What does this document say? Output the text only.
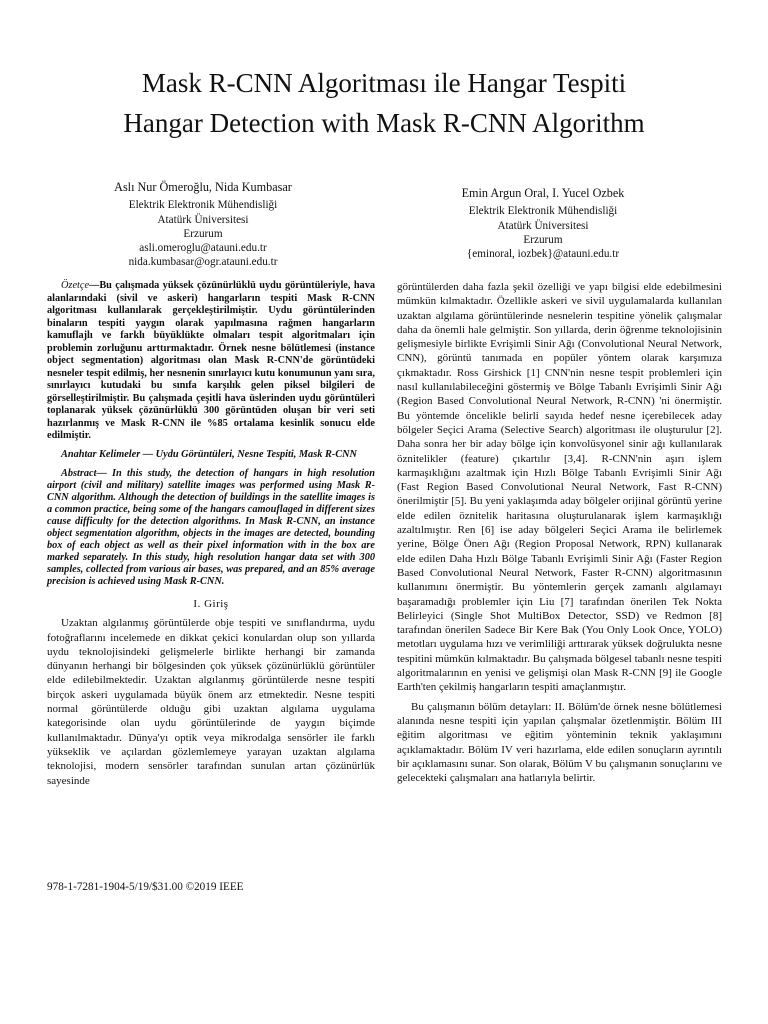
Mask R-CNN Algoritması ile Hangar Tespiti
Hangar Detection with Mask R-CNN Algorithm
Aslı Nur Ömeroğlu, Nida Kumbasar
Elektrik Elektronik Mühendisliği
Atatürk Üniversitesi
Erzurum
asli.omeroglu@atauni.edu.tr
nida.kumbasar@ogr.atauni.edu.tr
Emin Argun Oral, I. Yucel Ozbek
Elektrik Elektronik Mühendisliği
Atatürk Üniversitesi
Erzurum
{eminoral, iozbek}@atauni.edu.tr

Özetçe—Bu çalışmada yüksek çözünürlüklü uydu görüntüleriyle, hava alanlarındaki (sivil ve askeri) hangarların tespiti Mask R-CNN algoritması kullanılarak gerçekleştirilmiştir. Uydu görüntülerinden binaların tespiti yaygın olarak yapılmasına rağmen hangarların kamuflajlı ve farklı büyüklükte olmaları tespit algoritmaları için problemin zorluğunu arttırmaktadır. Örnek nesne bölütlemesi (instance object segmentation) algoritması olan Mask R-CNN'de görüntüdeki nesneler tespit edilmiş, her nesnenin sınırlayıcı kutu konumunun yanı sıra, sınırlayıcı kutudaki bu sınıfa karşılık gelen piksel bilgileri de görselleştirilmiştir. Bu çalışmada çeşitli hava üslerinden uydu görüntüleri toplanarak yüksek çözünürlüklü 300 görüntüden oluşan bir veri seti hazırlanmış ve Mask R-CNN ile %85 ortalama kesinlik sonucu elde edilmiştir.

Anahtar Kelimeler — Uydu Görüntüleri, Nesne Tespiti, Mask R-CNN

Abstract— In this study, the detection of hangars in high resolution airport (civil and military) satellite images was performed using Mask R-CNN algorithm. Although the detection of buildings in the satellite images is a common practice, being some of the hangars camouflaged in different sizes cause difficulty for the detection algorithms. In Mask R-CNN, an instance object segmentation algorithm, objects in the images are detected, bounding box of each object as well as their pixel information with in the box are marked separately. In this study, high resolution hangar data set with 300 samples, collected from various air bases, was prepared, and an 85% average precision is achieved using Mask R-CNN.

I. Giriş

Uzaktan algılanmış görüntülerde obje tespiti ve sınıflandırma, uydu fotoğraflarını incelemede en dikkat çekici konulardan olup son yıllarda uydu teknolojisindeki gelişmelerle birlikte herhangi bir zamanda dünyanın herhangi bir bölgesinden çok yüksek çözünürlüklü görüntüler elde edilebilmektedir. Uzaktan algılanmış görüntülerde nesne tespiti birçok askeri uygulamada büyük önem arz etmektedir. Nesne tespiti normal görüntülerde olduğu gibi uzaktan algılama uygulama kategorisinde olan uydu görüntülerinde de yaygın biçimde kullanılmaktadır. Dünya'yı optik veya mikrodalga sensörler ile farklı yükseklik ve açılardan gözlemlemeye yarayan uzaktan algılama teknolojisi, modern sensörler tarafından sunulan artan çözünürlük sayesinde

görüntülerden daha fazla şekil özelliği ve yapı bilgisi elde edebilmesini mümkün kılmaktadır. Özellikle askeri ve sivil uygulamalarda kullanılan uzaktan algılama görüntülerinde nesnelerin tespitine yönelik çalışmalar daha da önemli hale gelmiştir. Son yıllarda, derin öğrenme teknolojisinin gelişmesiyle birlikte Evrişimli Sinir Ağı (Convolutional Neural Network, CNN), görüntü tanımada en popüler yöntem olarak karşımıza çıkmaktadır. Ross Girshick [1] CNN'nin nesne tespit problemleri için nasıl kullanılabileceğini göstermiş ve Bölge Tabanlı Evrişimli Sinir Ağı (Region Based Convolutional Neural Network, R-CNN) 'ni önermiştir. Bu yöntemde öncelikle belirli sayıda hedef nesne içerebilecek aday bölgeler Seçici Arama (Selective Search) algoritması ile oluşturulur [2]. Daha sonra her bir aday bölge için konvolüsyonel sinir ağı kullanılarak öznitelikler (feature) çıkartılır [3,4]. R-CNN'nin aşırı işlem karmaşıklığını azaltmak için Hızlı Bölge Tabanlı Evrişimli Sinir Ağı (Fast Region Based Convolutional Neural Network, Fast R-CNN) önerilmiştir [5]. Bu yeni yaklaşımda aday bölgeler orijinal görüntü yerine elde edilen öznitelik haritasına oluşturulanarak işlem karmaşıklığı azaltılmıştır. Ren [6] ise aday bölgeleri Seçici Arama ile belirlemek yerine, Bölge Önerı Ağı (Region Proposal Network, RPN) kullanarak elde edilen Daha Hızlı Bölge Tabanlı Evrişimli Sinir Ağı (Faster Region Based Convolutional Neural Network, Faster R-CNN) algoritmasının kullanımını önermiştir. Bu yöntemlerin gerçek zamanlı algılamayı başaramadığı problemler için Liu [7] tarafından önerilen Tek Nokta Belirleyici (Single Shot MultiBox Detector, SSD) ve Redmon [8] tarafından önerilen Sadece Bir Kere Bak (You Only Look Once, YOLO) metotları uygulama hızı ve verimliliği arttırarak yüksek doğrulukta nesne tespitini mümkün kılmaktadır. Bu çalışmada bölgesel tabanlı nesne tespiti algoritmalarının en yenisi ve gelişmişi olan Mask R-CNN [9] ile Google Earth'ten çekilmiş hangarların tespiti amaçlanmıştır.

Bu çalışmanın bölüm detayları: II. Bölüm'de örnek nesne bölütlemesi alanında nesne tespiti için yapılan çalışmalar özetlenmiştir. Bölüm III eğitim algoritması ve eğitim yönteminin teknik yaklaşımını açıklamaktadır. Bölüm IV veri hazırlama, elde edilen sonuçların ayrıntılı bir açıklamasını sunar. Son olarak, Bölüm V bu çalışmanın sonuçlarını ve gelecekteki çalışmaları ana hatlarıyla belirtir.

978-1-7281-1904-5/19/$31.00 ©2019 IEEE
